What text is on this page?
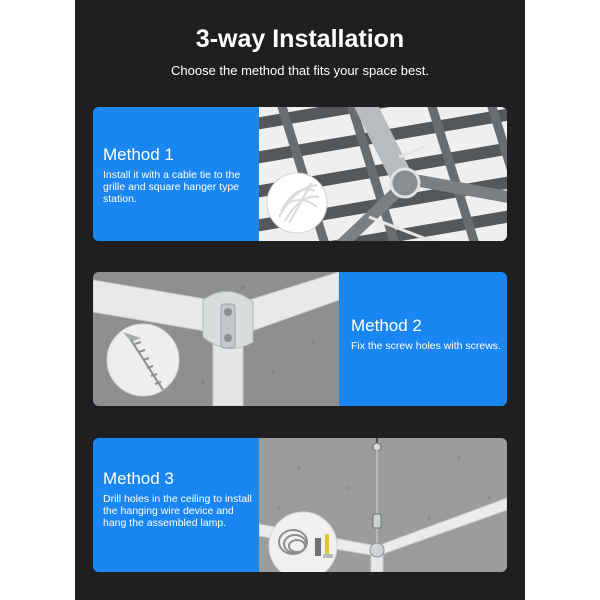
3-way Installation
Choose the method that fits your space best.
Method 1
Install it with a cable tie to the grille and square hanger type station.
Method 2
Fix the screw holes with screws.
Method 3
Drill holes in the ceiling to install the hanging wire device and hang the assembled lamp.
